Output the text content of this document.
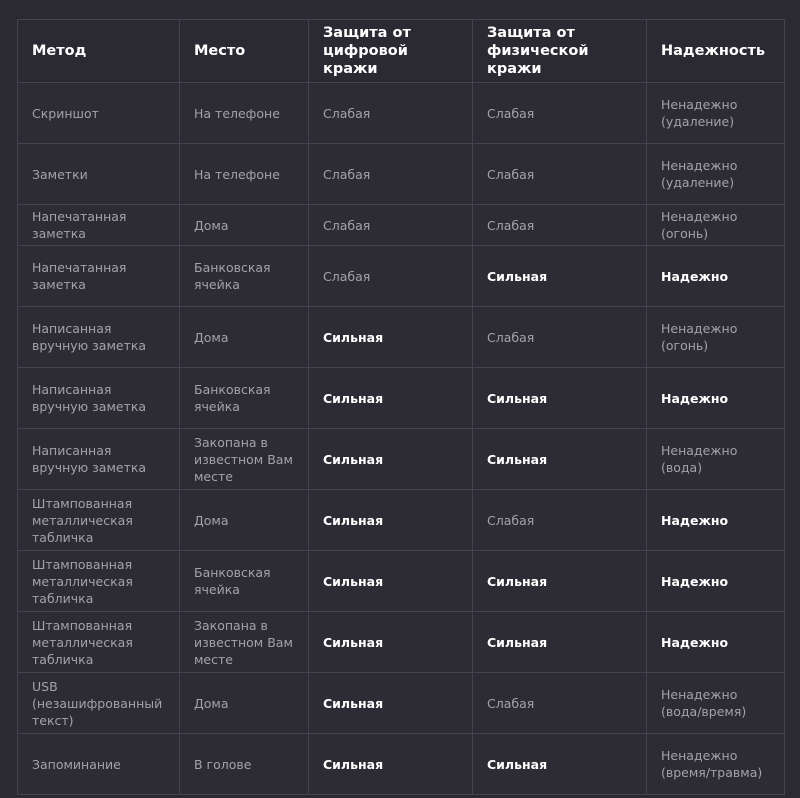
Метод	Место	Защита от цифровой кражи	Защита от физической кражи	Надежность
Скриншот	На телефоне	Слабая	Слабая	Ненадежно (удаление)
Заметки	На телефоне	Слабая	Слабая	Ненадежно (удаление)
Напечатанная заметка	Дома	Слабая	Слабая	Ненадежно (огонь)
Напечатанная заметка	Банковская ячейка	Слабая	Сильная	Надежно
Написанная вручную заметка	Дома	Сильная	Слабая	Ненадежно (огонь)
Написанная вручную заметка	Банковская ячейка	Сильная	Сильная	Надежно
Написанная вручную заметка	Закопана в известном Вам месте	Сильная	Сильная	Ненадежно (вода)
Штампованная металлическая табличка	Дома	Сильная	Слабая	Надежно
Штампованная металлическая табличка	Банковская ячейка	Сильная	Сильная	Надежно
Штампованная металлическая табличка	Закопана в известном Вам месте	Сильная	Сильная	Надежно
USB (незашифрованный текст)	Дома	Сильная	Слабая	Ненадежно (вода/время)
Запоминание	В голове	Сильная	Сильная	Ненадежно (время/травма)
